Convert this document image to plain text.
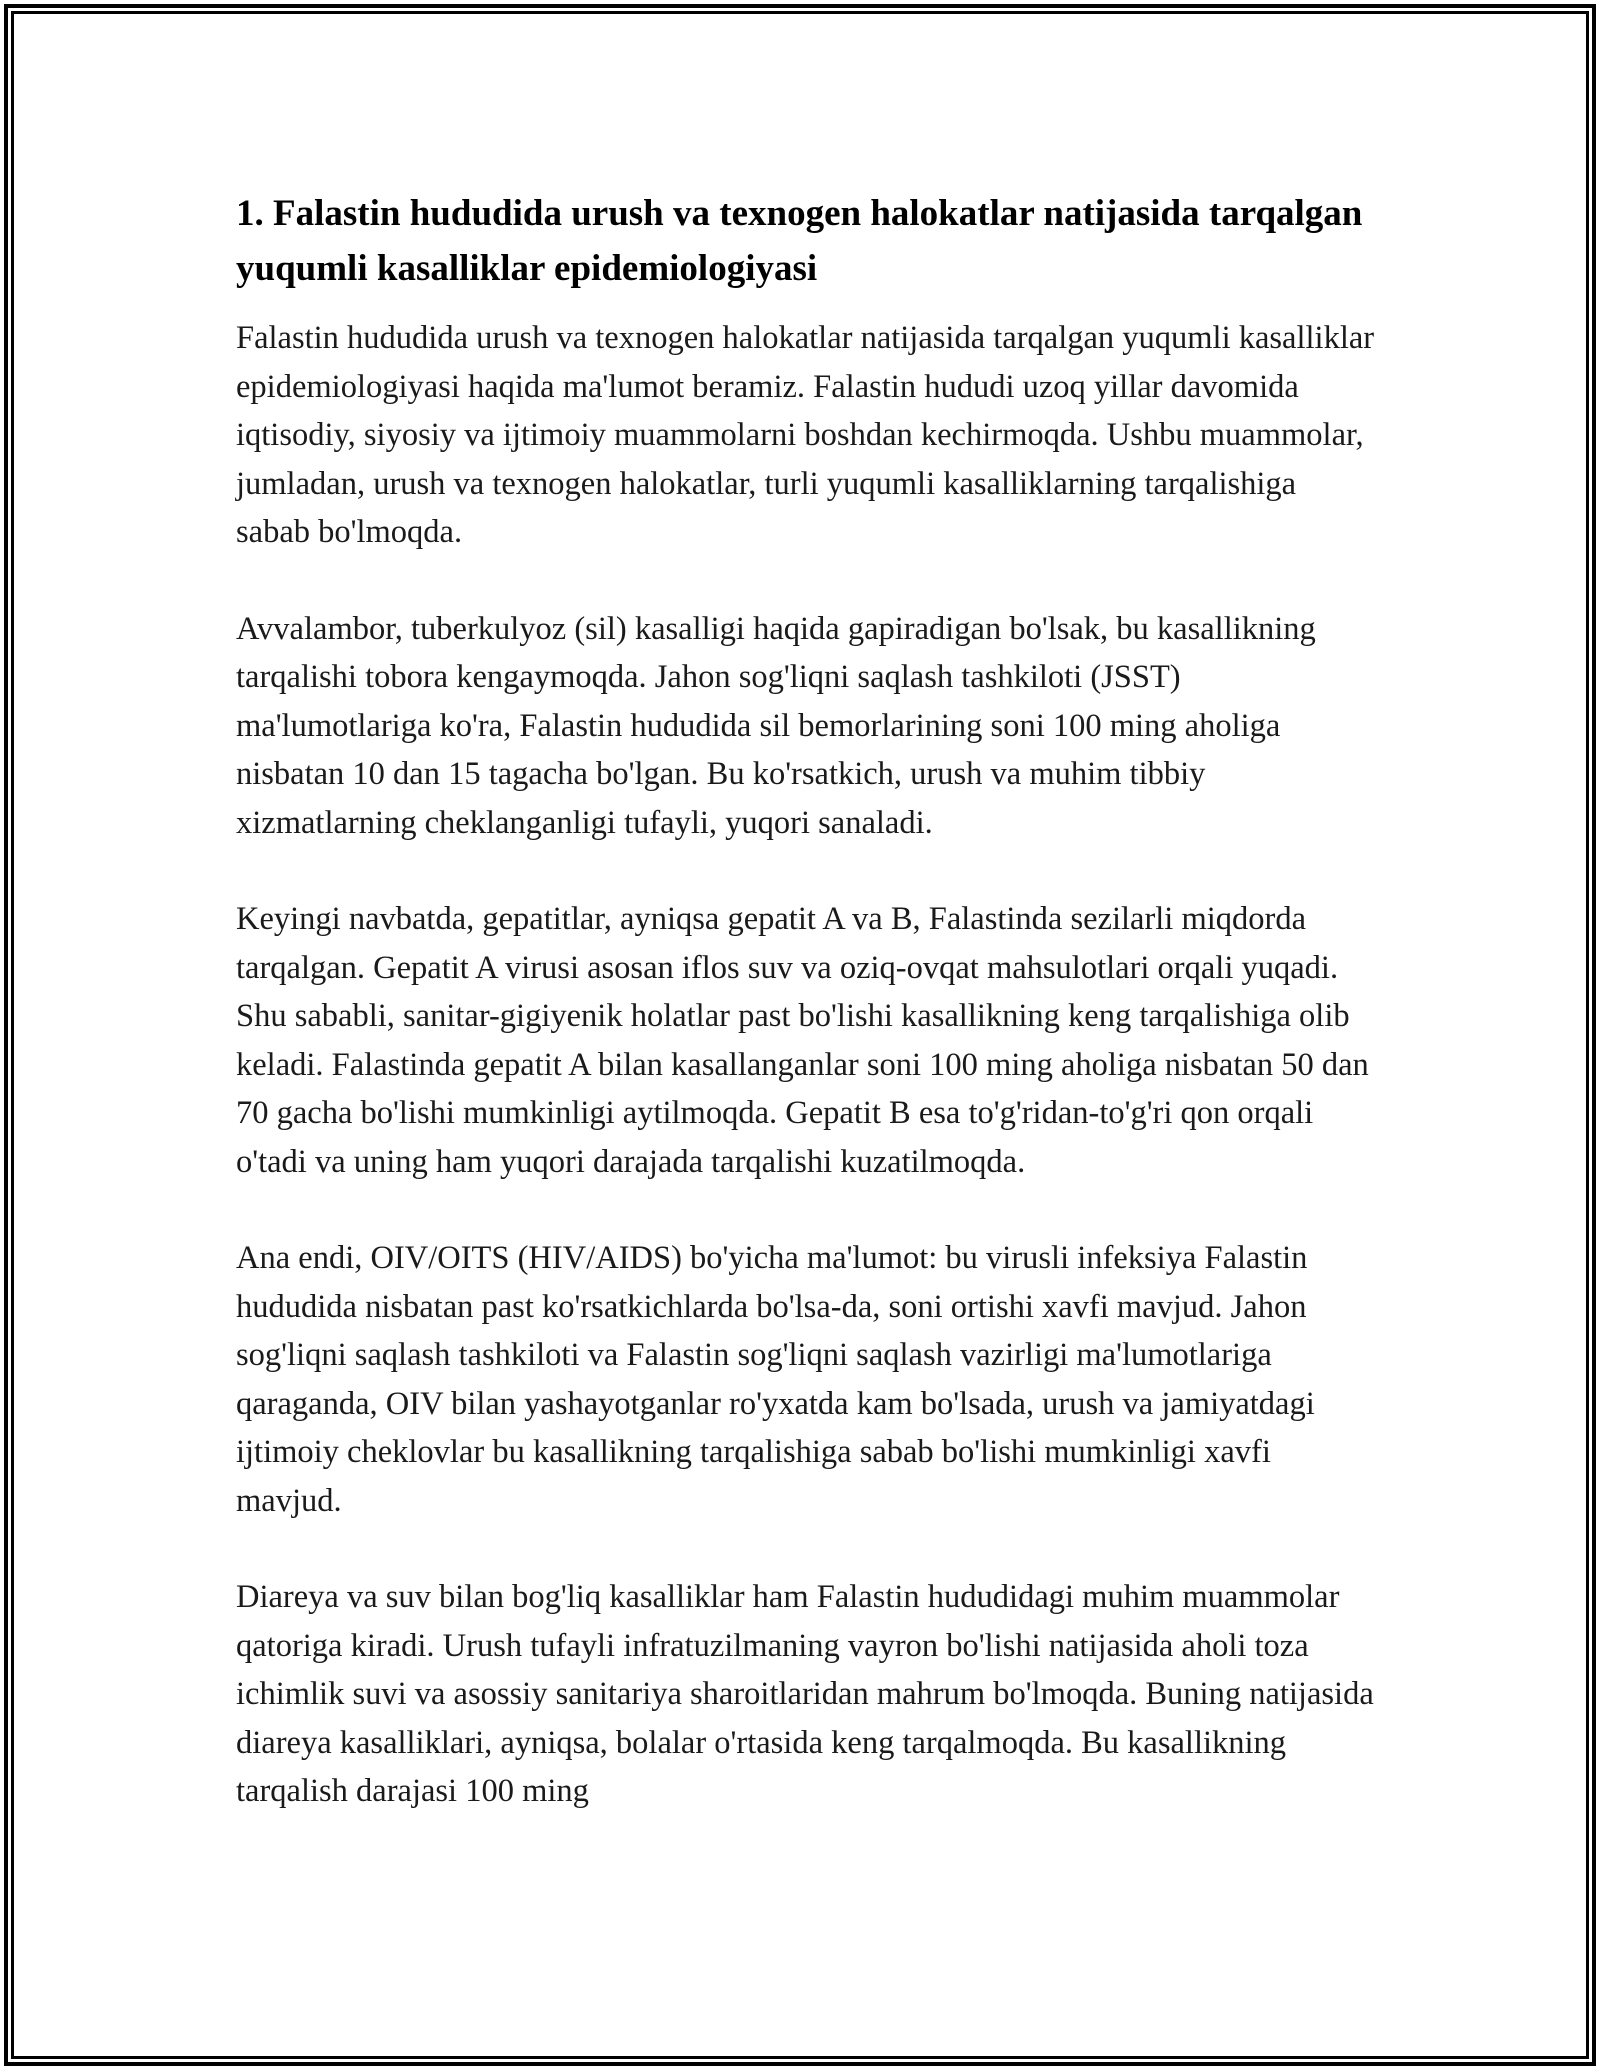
1. Falastin hududida urush va texnogen halokatlar natijasida tarqalgan yuqumli kasalliklar epidemiologiyasi

Falastin hududida urush va texnogen halokatlar natijasida tarqalgan yuqumli kasalliklar epidemiologiyasi haqida ma'lumot beramiz. Falastin hududi uzoq yillar davomida iqtisodiy, siyosiy va ijtimoiy muammolarni boshdan kechirmoqda. Ushbu muammolar, jumladan, urush va texnogen halokatlar, turli yuqumli kasalliklarning tarqalishiga sabab bo'lmoqda.

Avvalambor, tuberkulyoz (sil) kasalligi haqida gapiradigan bo'lsak, bu kasallikning tarqalishi tobora kengaymoqda. Jahon sog'liqni saqlash tashkiloti (JSST) ma'lumotlariga ko'ra, Falastin hududida sil bemorlarining soni 100 ming aholiga nisbatan 10 dan 15 tagacha bo'lgan. Bu ko'rsatkich, urush va muhim tibbiy xizmatlarning cheklanganligi tufayli, yuqori sanaladi.

Keyingi navbatda, gepatitlar, ayniqsa gepatit A va B, Falastinda sezilarli miqdorda tarqalgan. Gepatit A virusi asosan iflos suv va oziq-ovqat mahsulotlari orqali yuqadi. Shu sababli, sanitar-gigiyenik holatlar past bo'lishi kasallikning keng tarqalishiga olib keladi. Falastinda gepatit A bilan kasallanganlar soni 100 ming aholiga nisbatan 50 dan 70 gacha bo'lishi mumkinligi aytilmoqda. Gepatit B esa to'g'ridan-to'g'ri qon orqali o'tadi va uning ham yuqori darajada tarqalishi kuzatilmoqda.

Ana endi, OIV/OITS (HIV/AIDS) bo'yicha ma'lumot: bu virusli infeksiya Falastin hududida nisbatan past ko'rsatkichlarda bo'lsa-da, soni ortishi xavfi mavjud. Jahon sog'liqni saqlash tashkiloti va Falastin sog'liqni saqlash vazirligi ma'lumotlariga qaraganda, OIV bilan yashayotganlar ro'yxatda kam bo'lsada, urush va jamiyatdagi ijtimoiy cheklovlar bu kasallikning tarqalishiga sabab bo'lishi mumkinligi xavfi mavjud.

Diareya va suv bilan bog'liq kasalliklar ham Falastin hududidagi muhim muammolar qatoriga kiradi. Urush tufayli infratuzilmaning vayron bo'lishi natijasida aholi toza ichimlik suvi va asossiy sanitariya sharoitlaridan mahrum bo'lmoqda. Buning natijasida diareya kasalliklari, ayniqsa, bolalar o'rtasida keng tarqalmoqda. Bu kasallikning tarqalish darajasi 100 ming
